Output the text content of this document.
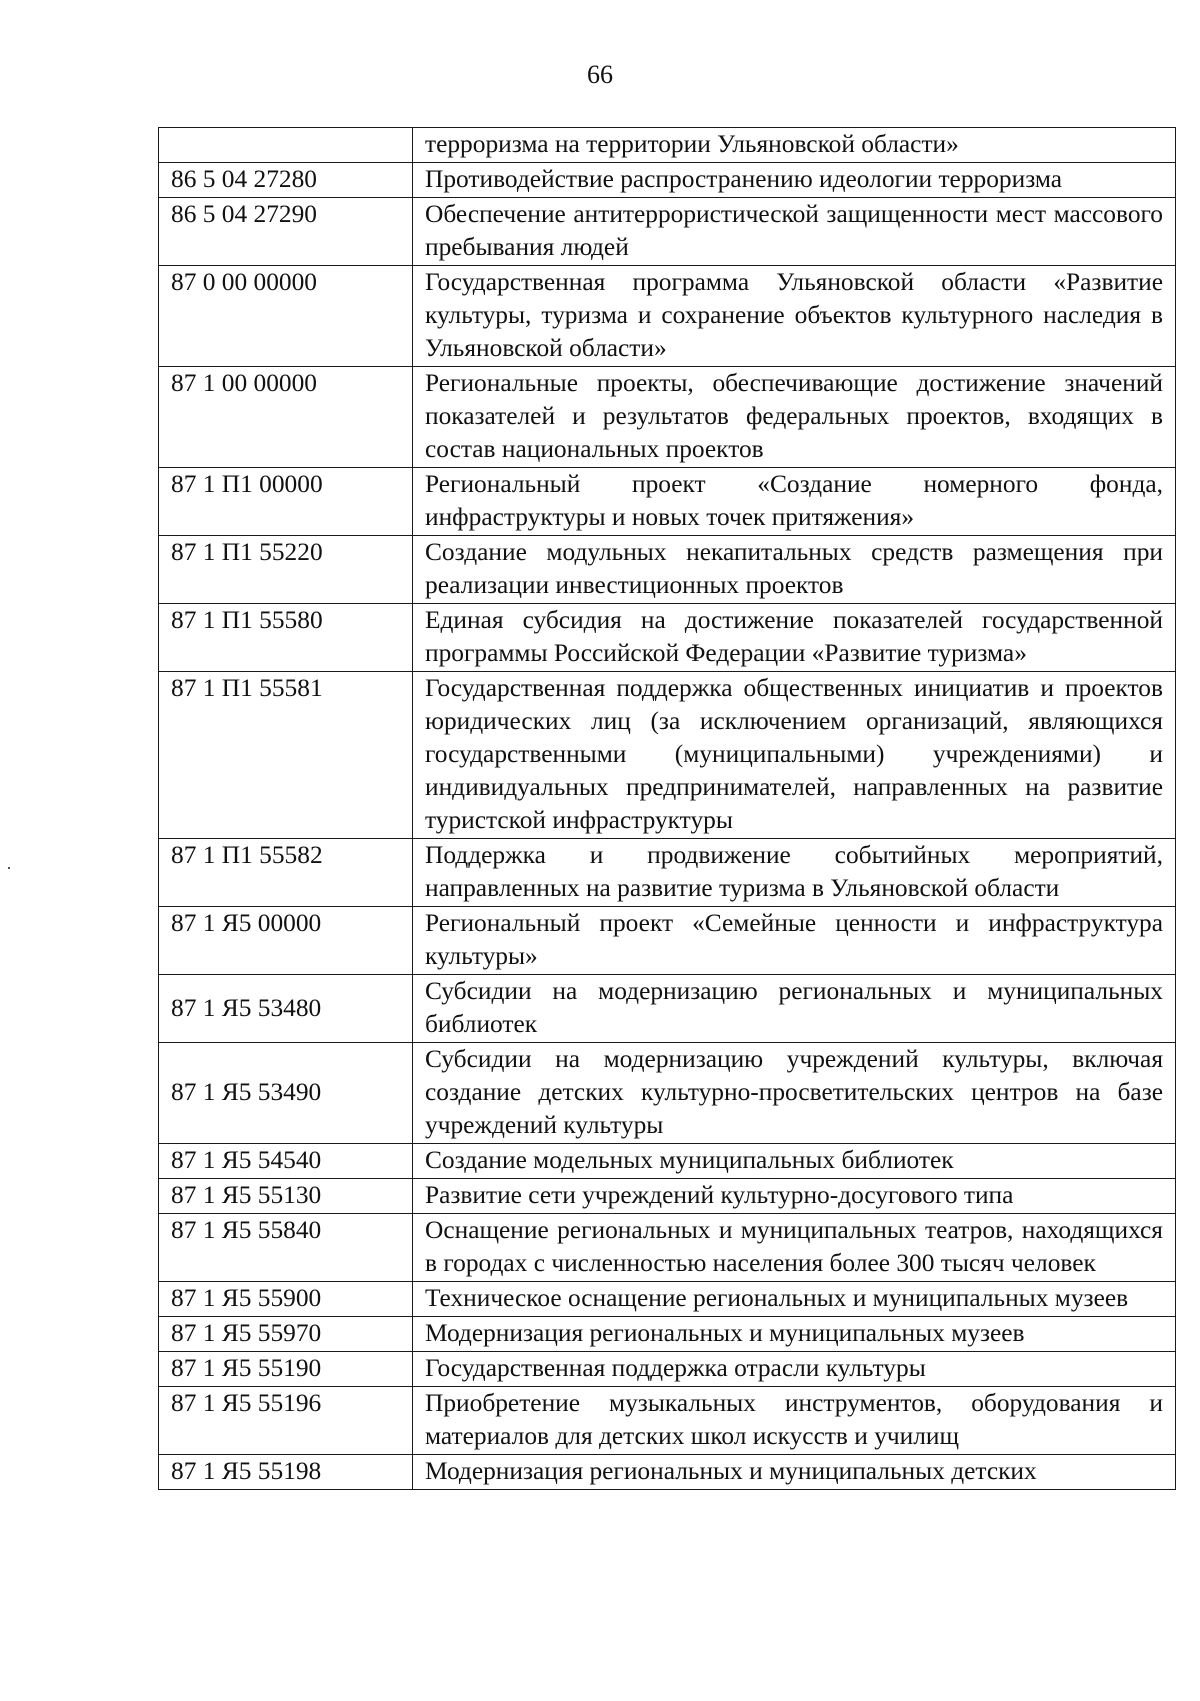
66
	терроризма на территории Ульяновской области»
86 5 04 27280	Противодействие распространению идеологии терроризма
86 5 04 27290	Обеспечение антитеррористической защищенности мест массового пребывания людей
87 0 00 00000	Государственная программа Ульяновской области «Развитие культуры, туризма и сохранение объектов культурного наследия в Ульяновской области»
87 1 00 00000	Региональные проекты, обеспечивающие достижение значений показателей и результатов федеральных проектов, входящих в состав национальных проектов
87 1 П1 00000	Региональный проект «Создание номерного фонда, инфраструктуры и новых точек притяжения»
87 1 П1 55220	Создание модульных некапитальных средств размещения при реализации инвестиционных проектов
87 1 П1 55580	Единая субсидия на достижение показателей государственной программы Российской Федерации «Развитие туризма»
87 1 П1 55581	Государственная поддержка общественных инициатив и проектов юридических лиц (за исключением организаций, являющихся государственными (муниципальными) учреждениями) и индивидуальных предпринимателей, направленных на развитие туристской инфраструктуры
87 1 П1 55582	Поддержка и продвижение событийных мероприятий, направленных на развитие туризма в Ульяновской области
87 1 Я5 00000	Региональный проект «Семейные ценности и инфраструктура культуры»
87 1 Я5 53480	Субсидии на модернизацию региональных и муниципальных библиотек
87 1 Я5 53490	Субсидии на модернизацию учреждений культуры, включая создание детских культурно-просветительских центров на базе учреждений культуры
87 1 Я5 54540	Создание модельных муниципальных библиотек
87 1 Я5 55130	Развитие сети учреждений культурно-досугового типа
87 1 Я5 55840	Оснащение региональных и муниципальных театров, находящихся в городах с численностью населения более 300 тысяч человек
87 1 Я5 55900	Техническое оснащение региональных и муниципальных музеев
87 1 Я5 55970	Модернизация региональных и муниципальных музеев
87 1 Я5 55190	Государственная поддержка отрасли культуры
87 1 Я5 55196	Приобретение музыкальных инструментов, оборудования и материалов для детских школ искусств и училищ
87 1 Я5 55198	Модернизация региональных и муниципальных детских
